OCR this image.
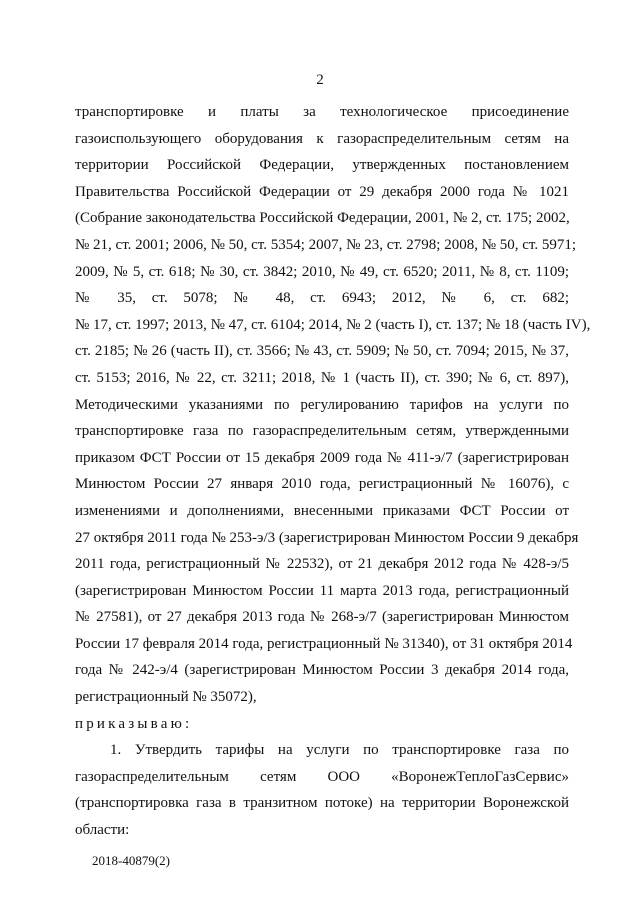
2

транспортировке и платы за технологическое присоединение
газоиспользующего оборудования к газораспределительным сетям на
территории Российской Федерации, утвержденных постановлением
Правительства Российской Федерации от 29 декабря 2000 года № 1021
(Собрание законодательства Российской Федерации, 2001, № 2, ст. 175; 2002,
№ 21, ст. 2001; 2006, № 50, ст. 5354; 2007, № 23, ст. 2798; 2008, № 50, ст. 5971;
2009, № 5, ст. 618; № 30, ст. 3842; 2010, № 49, ст. 6520; 2011, № 8, ст. 1109;
№ 35, ст. 5078; № 48, ст. 6943; 2012, № 6, ст. 682;
№ 17, ст. 1997; 2013, № 47, ст. 6104; 2014, № 2 (часть I), ст. 137; № 18 (часть IV),
ст. 2185; № 26 (часть II), ст. 3566; № 43, ст. 5909; № 50, ст. 7094; 2015, № 37,
ст. 5153; 2016, № 22, ст. 3211; 2018, № 1 (часть II), ст. 390; № 6, ст. 897),
Методическими указаниями по регулированию тарифов на услуги по
транспортировке газа по газораспределительным сетям, утвержденными
приказом ФСТ России от 15 декабря 2009 года № 411-э/7 (зарегистрирован
Минюстом России 27 января 2010 года, регистрационный № 16076), с
изменениями и дополнениями, внесенными приказами ФСТ России от
27 октября 2011 года № 253-э/3 (зарегистрирован Минюстом России 9 декабря
2011 года, регистрационный № 22532), от 21 декабря 2012 года № 428-э/5
(зарегистрирован Минюстом России 11 марта 2013 года, регистрационный
№ 27581), от 27 декабря 2013 года № 268-э/7 (зарегистрирован Минюстом
России 17 февраля 2014 года, регистрационный № 31340), от 31 октября 2014
года № 242-э/4 (зарегистрирован Минюстом России 3 декабря 2014 года,
регистрационный № 35072),

приказываю:

1. Утвердить тарифы на услуги по транспортировке газа по
газораспределительным сетям ООО «ВоронежТеплоГазСервис»
(транспортировка газа в транзитном потоке) на территории Воронежской
области:

2018-40879(2)
